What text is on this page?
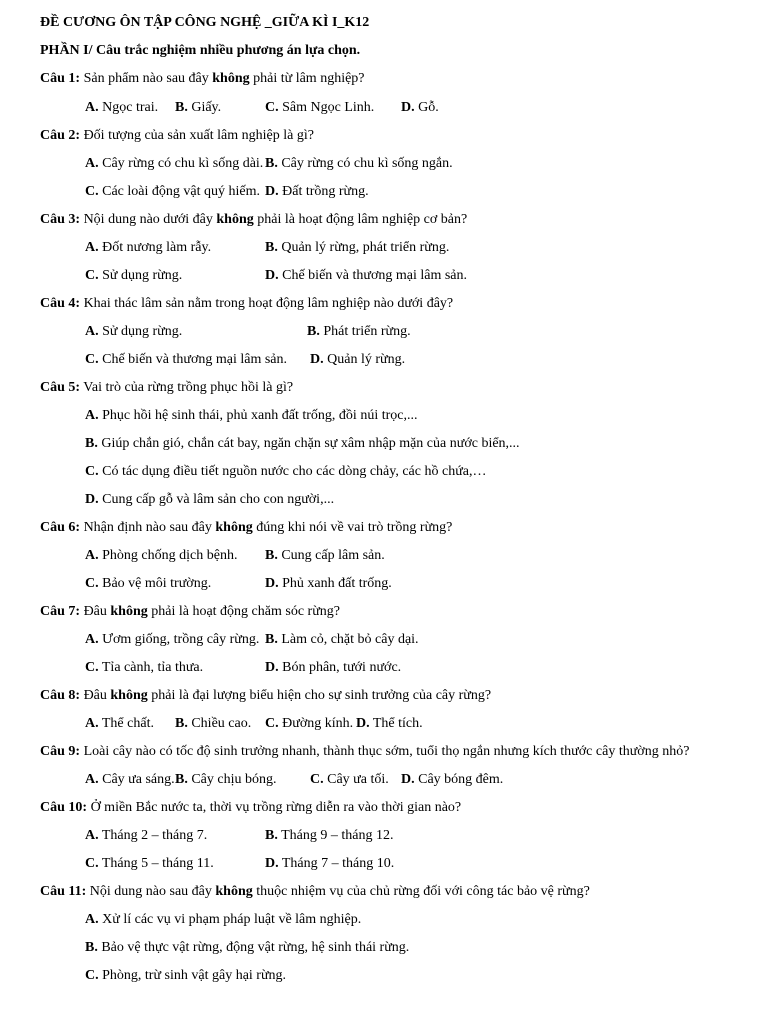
ĐỀ CƯƠNG ÔN TẬP CÔNG NGHỆ _GIỮA KÌ I_K12
PHẦN I/ Câu trắc nghiệm nhiều phương án lựa chọn.
Câu 1: Sản phẩm nào sau đây không phải từ lâm nghiệp?
A. Ngọc trai. B. Giấy.	C. Sâm Ngọc Linh. D. Gỗ.
Câu 2: Đối tượng của sản xuất lâm nghiệp là gì?
A. Cây rừng có chu kì sống dài. B. Cây rừng có chu kì sống ngắn.
C. Các loài động vật quý hiếm. D. Đất trồng rừng.
Câu 3: Nội dung nào dưới đây không phải là hoạt động lâm nghiệp cơ bản?
A. Đốt nương làm rẫy.	B. Quản lý rừng, phát triển rừng.
C. Sử dụng rừng.	D. Chế biến và thương mại lâm sản.
Câu 4: Khai thác lâm sản nằm trong hoạt động lâm nghiệp nào dưới đây?
A. Sử dụng rừng.	B. Phát triển rừng.
C. Chế biến và thương mại lâm sản. D. Quản lý rừng.
Câu 5: Vai trò của rừng trồng phục hồi là gì?
A. Phục hồi hệ sinh thái, phủ xanh đất trống, đồi núi trọc,...
B. Giúp chắn gió, chắn cát bay, ngăn chặn sự xâm nhập mặn của nước biển,...
C. Có tác dụng điều tiết nguồn nước cho các dòng chảy, các hồ chứa,…
D. Cung cấp gỗ và lâm sản cho con người,...
Câu 6: Nhận định nào sau đây không đúng khi nói về vai trò trồng rừng?
A. Phòng chống dịch bệnh. B. Cung cấp lâm sản.
C. Bảo vệ môi trường.	D. Phủ xanh đất trống.
Câu 7: Đâu không phải là hoạt động chăm sóc rừng?
A. Ươm giống, trồng cây rừng. B. Làm cỏ, chặt bỏ cây dại.
C. Tỉa cành, tỉa thưa.	D. Bón phân, tưới nước.
Câu 8: Đâu không phải là đại lượng biểu hiện cho sự sinh trưởng của cây rừng?
A. Thể chất. B. Chiều cao. C. Đường kính. D. Thể tích.
Câu 9: Loài cây nào có tốc độ sinh trưởng nhanh, thành thục sớm, tuổi thọ ngắn nhưng kích thước cây thường nhỏ?
A. Cây ưa sáng. B. Cây chịu bóng. C. Cây ưa tối. D. Cây bóng đêm.
Câu 10: Ở miền Bắc nước ta, thời vụ trồng rừng diễn ra vào thời gian nào?
A. Tháng 2 – tháng 7.	B. Tháng 9 – tháng 12.
C. Tháng 5 – tháng 11.	D. Tháng 7 – tháng 10.
Câu 11: Nội dung nào sau đây không thuộc nhiệm vụ của chủ rừng đối với công tác bảo vệ rừng?
A. Xử lí các vụ vi phạm pháp luật về lâm nghiệp.
B. Bảo vệ thực vật rừng, động vật rừng, hệ sinh thái rừng.
C. Phòng, trừ sinh vật gây hại rừng.
